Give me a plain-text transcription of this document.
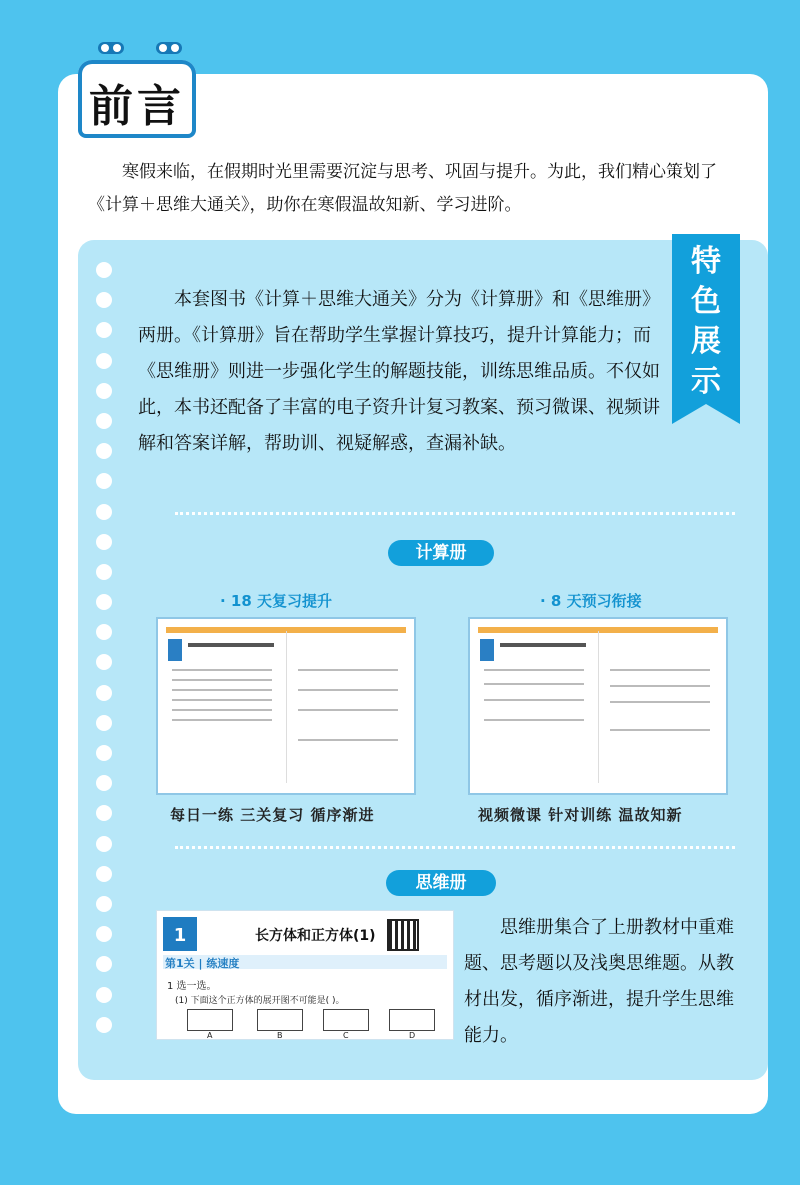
前言
寒假来临，在假期时光里需要沉淀与思考、巩固与提升。为此，我们精心策划了《计算＋思维大通关》，助你在寒假温故知新、学习进阶。
特
色
展
示
本套图书《计算＋思维大通关》分为《计算册》和《思维册》两册。《计算册》旨在帮助学生掌握计算技巧，提升计算能力；而《思维册》则进一步强化学生的解题技能，训练思维品质。不仅如此，本书还配备了丰富的电子资升计复习教案、预习微课、视频讲解和答案详解，帮助训、视疑解惑，查漏补缺。
计算册
· 18 天复习提升	· 8 天预习衔接
每日一练 三关复习 循序渐进	视频微课 针对训练 温故知新
思维册
1	长方体和正方体(1)
第1关 | 练速度
1 选一选。
(1) 下面这个正方体的展开图不可能是( )。
A	B	C	D
思维册集合了上册教材中重难题、思考题以及浅奥思维题。从教材出发，循序渐进，提升学生思维能力。
